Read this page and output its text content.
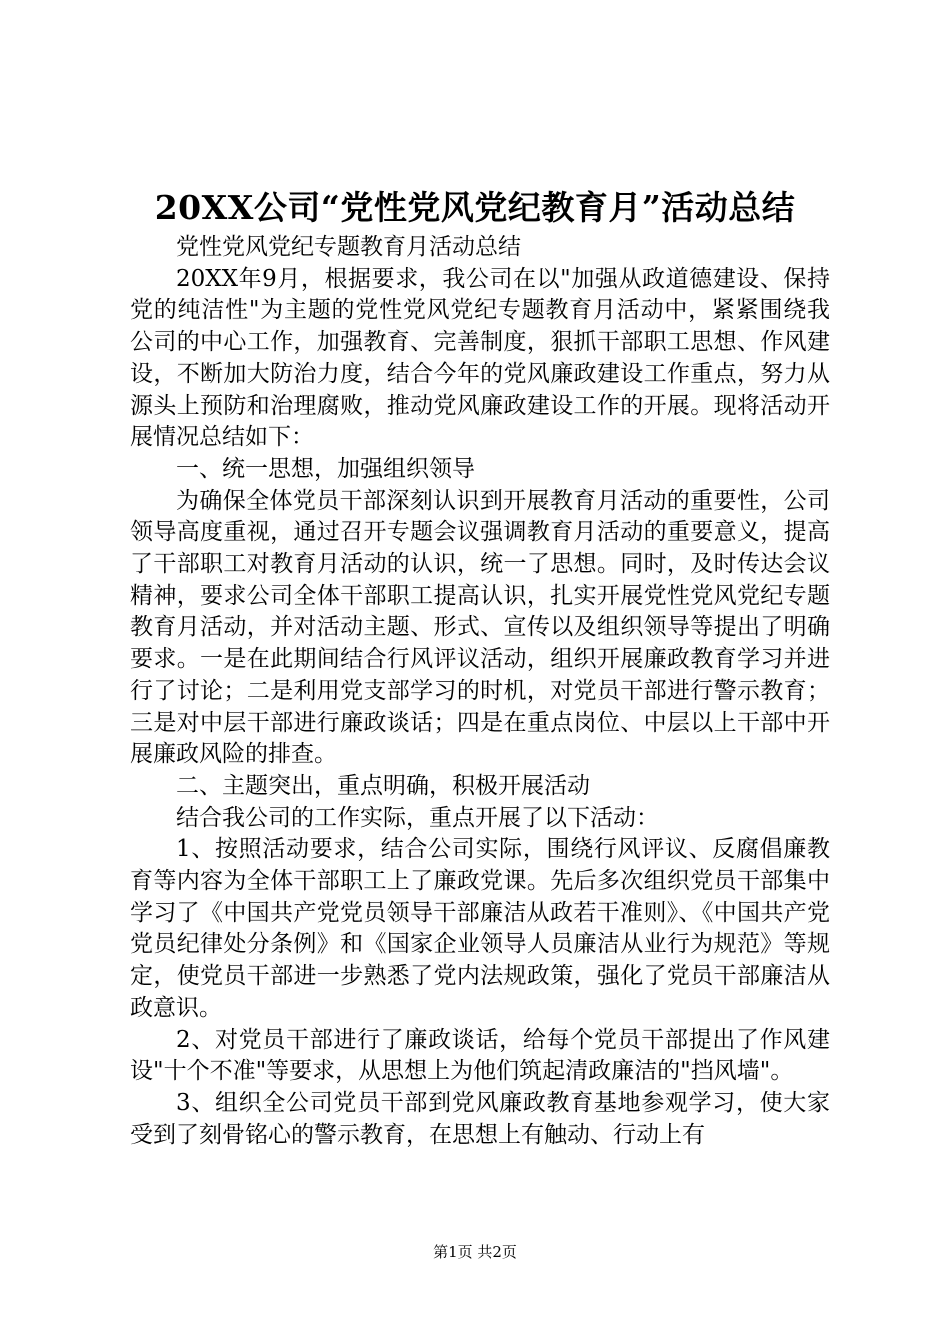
20XX公司“党性党风党纪教育月”活动总结

党性党风党纪专题教育月活动总结

20XX年9月，根据要求，我公司在以"加强从政道德建设、保持党的纯洁性"为主题的党性党风党纪专题教育月活动中，紧紧围绕我公司的中心工作，加强教育、完善制度，狠抓干部职工思想、作风建设，不断加大防治力度，结合今年的党风廉政建设工作重点，努力从源头上预防和治理腐败，推动党风廉政建设工作的开展。现将活动开展情况总结如下：

一、统一思想，加强组织领导

为确保全体党员干部深刻认识到开展教育月活动的重要性，公司领导高度重视，通过召开专题会议强调教育月活动的重要意义，提高了干部职工对教育月活动的认识，统一了思想。同时，及时传达会议精神，要求公司全体干部职工提高认识，扎实开展党性党风党纪专题教育月活动，并对活动主题、形式、宣传以及组织领导等提出了明确要求。一是在此期间结合行风评议活动，组织开展廉政教育学习并进行了讨论；二是利用党支部学习的时机，对党员干部进行警示教育；三是对中层干部进行廉政谈话；四是在重点岗位、中层以上干部中开展廉政风险的排查。

二、主题突出，重点明确，积极开展活动

结合我公司的工作实际，重点开展了以下活动：

1、按照活动要求，结合公司实际，围绕行风评议、反腐倡廉教育等内容为全体干部职工上了廉政党课。先后多次组织党员干部集中学习了《中国共产党党员领导干部廉洁从政若干准则》、《中国共产党党员纪律处分条例》和《国家企业领导人员廉洁从业行为规范》等规定，使党员干部进一步熟悉了党内法规政策，强化了党员干部廉洁从政意识。

2、对党员干部进行了廉政谈话，给每个党员干部提出了作风建设"十个不准"等要求，从思想上为他们筑起清政廉洁的"挡风墙"。

3、组织全公司党员干部到党风廉政教育基地参观学习，使大家受到了刻骨铭心的警示教育，在思想上有触动、行动上有

第1页 共2页
